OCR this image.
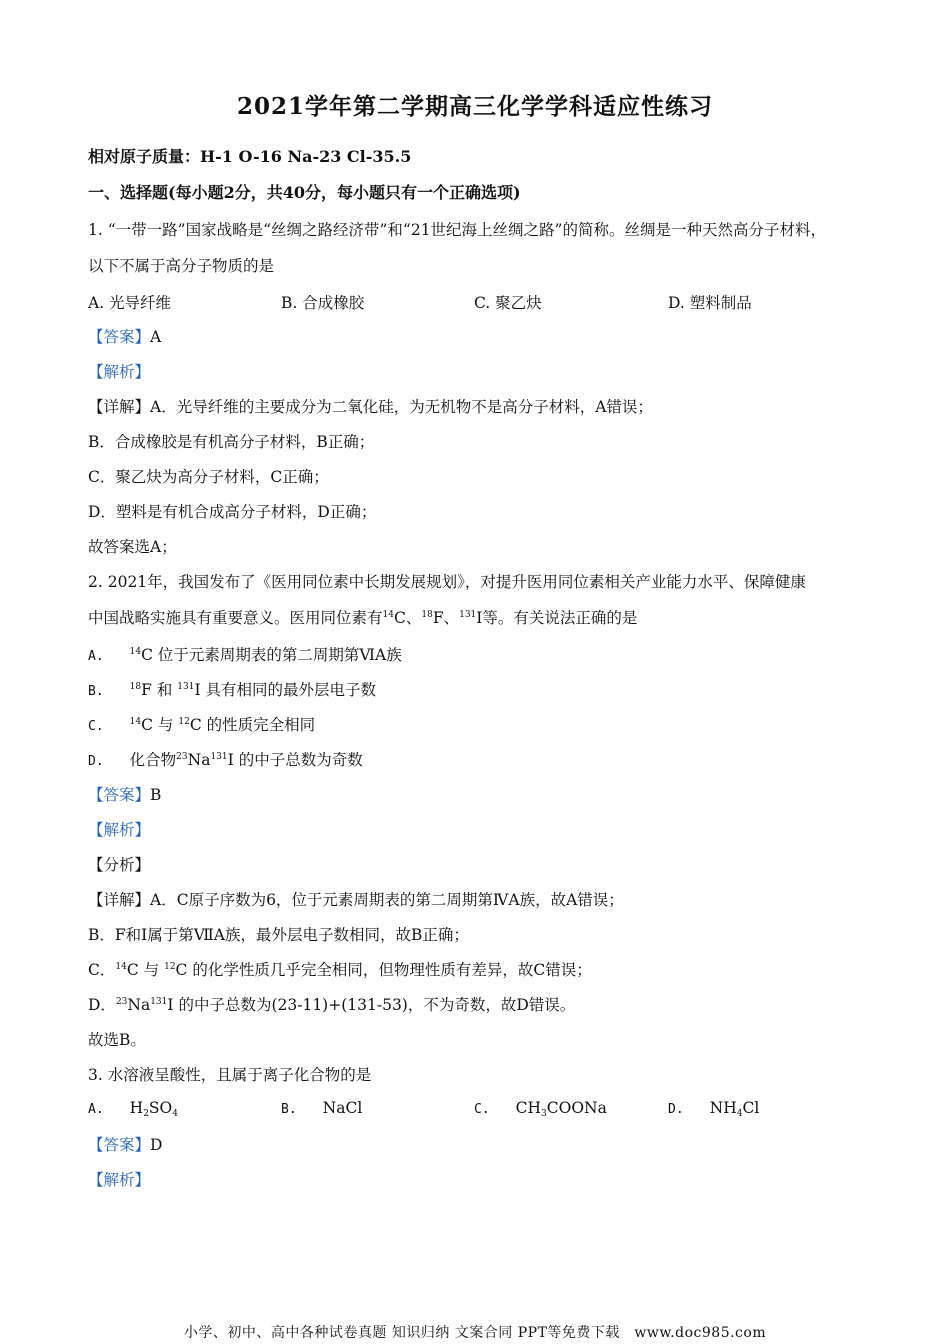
2021学年第二学期高三化学学科适应性练习
相对原子质量：H-1 O-16 Na-23 Cl-35.5
一、选择题(每小题2分，共40分，每小题只有一个正确选项)
1. “一带一路”国家战略是“丝绸之路经济带”和“21世纪海上丝绸之路”的简称。丝绸是一种天然高分子材料，
以下不属于高分子物质的是
A. 光导纤维	B. 合成橡胶	C. 聚乙炔	D. 塑料制品
【答案】A
【解析】
【详解】A．光导纤维的主要成分为二氧化硅，为无机物不是高分子材料，A错误；
B．合成橡胶是有机高分子材料，B正确；
C．聚乙炔为高分子材料，C正确；
D．塑料是有机合成高分子材料，D正确；
故答案选A；
2. 2021年，我国发布了《医用同位素中长期发展规划》，对提升医用同位素相关产业能力水平、保障健康
中国战略实施具有重要意义。医用同位素有$^{14}$C、$^{18}$F、$^{131}$I等。有关说法正确的是
A.	$^{14}$C 位于元素周期表的第二周期第ⅥA族
B.	$^{18}$F 和 $^{131}$I 具有相同的最外层电子数
C.	$^{14}$C 与 $^{12}$C 的性质完全相同
D. 化合物$^{23}$Na$^{131}$I 的中子总数为奇数
【答案】B
【解析】
【分析】
【详解】A．C原子序数为6，位于元素周期表的第二周期第ⅣA族，故A错误；
B．F和I属于第ⅦA族，最外层电子数相同，故B正确；
C．$^{14}$C 与 $^{12}$C 的化学性质几乎完全相同，但物理性质有差异，故C错误；
D．$^{23}$Na$^{131}$I 的中子总数为(23-11)+(131-53)，不为奇数，故D错误。
故选B。
3. 水溶液呈酸性，且属于离子化合物的是
A. $H_2SO_4$	B. NaCl	C. $CH_3COONa$	D. $NH_4Cl$
【答案】D
【解析】
小学、初中、高中各种试卷真题 知识归纳 文案合同 PPT等免费下载　www.doc985.com
